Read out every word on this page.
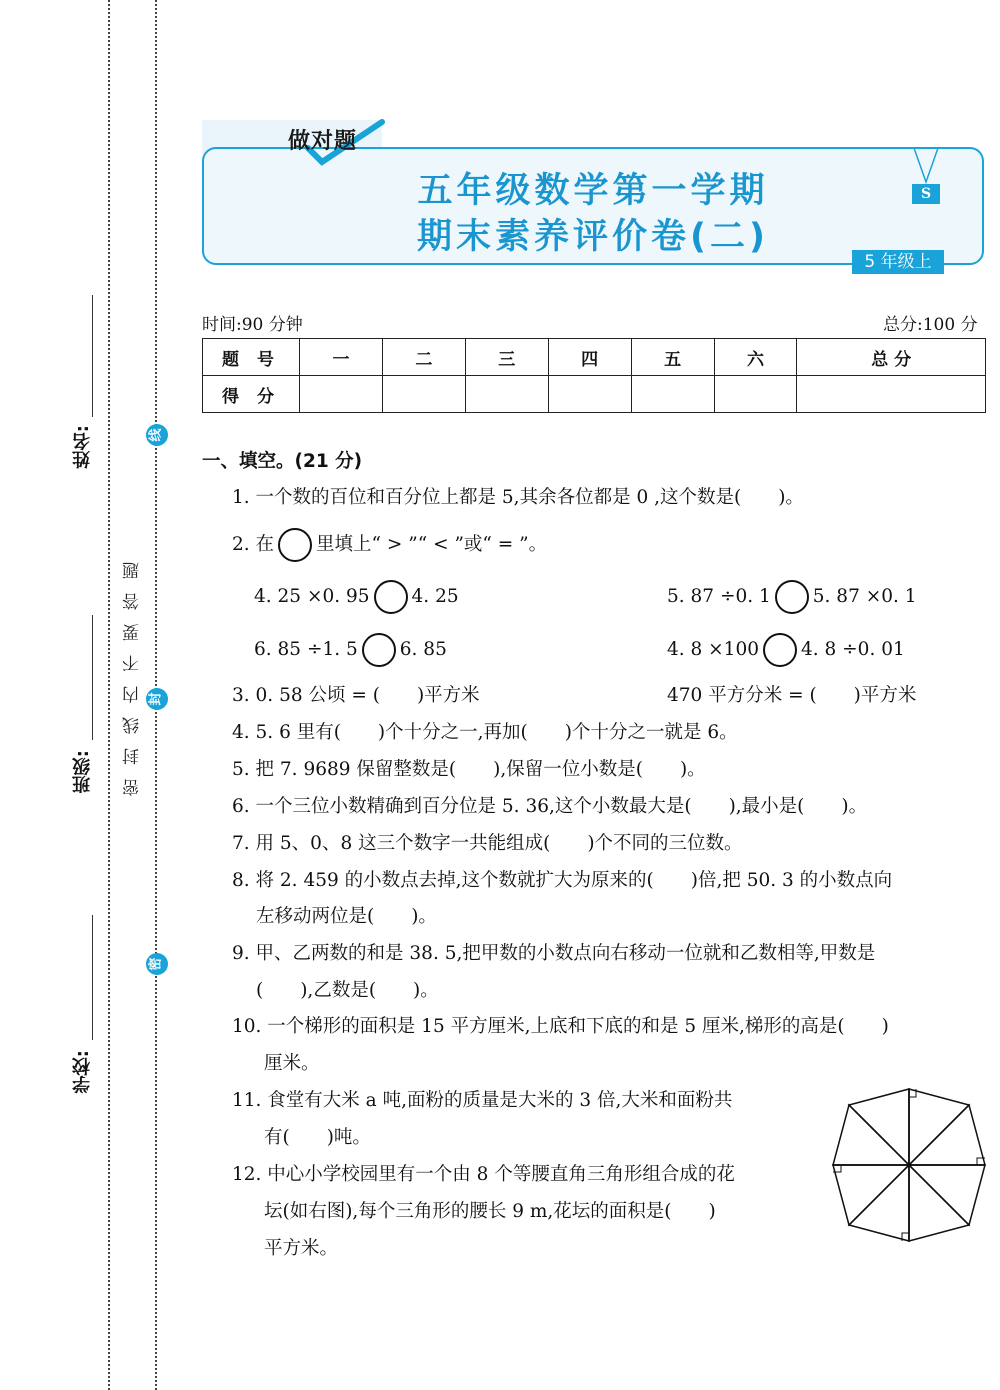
姓名:
班级:
学校:
线
封
密
密封线内不要答题
做对题
五年级数学第一学期
期末素养评价卷(二)
S
5 年级上
时间:90 分钟	总分:100 分
题 号	一	二	三	四	五	六	总 分
得 分							
一、填空。(21 分)
1. 一个数的百位和百分位上都是 5,其余各位都是 0 ,这个数是(　　)。
2. 在 里填上“ > ”“ < ”或“ = ”。
4. 25 ×0. 95 4. 25	5. 87 ÷0. 1 5. 87 ×0. 1
6. 85 ÷1. 5 6. 85	4. 8 ×100 4. 8 ÷0. 01
3. 0. 58 公顷 = (　　)平方米	470 平方分米 = (　　)平方米
4. 5. 6 里有(　　)个十分之一,再加(　　)个十分之一就是 6。
5. 把 7. 9689 保留整数是(　　),保留一位小数是(　　)。
6. 一个三位小数精确到百分位是 5. 36,这个小数最大是(　　),最小是(　　)。
7. 用 5、0、8 这三个数字一共能组成(　　)个不同的三位数。
8. 将 2. 459 的小数点去掉,这个数就扩大为原来的(　　)倍,把 50. 3 的小数点向
左移动两位是(　　)。
9. 甲、乙两数的和是 38. 5,把甲数的小数点向右移动一位就和乙数相等,甲数是
(　　),乙数是(　　)。
10. 一个梯形的面积是 15 平方厘米,上底和下底的和是 5 厘米,梯形的高是(　　)
厘米。
11. 食堂有大米 a 吨,面粉的质量是大米的 3 倍,大米和面粉共
有(　　)吨。
12. 中心小学校园里有一个由 8 个等腰直角三角形组合成的花
坛(如右图),每个三角形的腰长 9 m,花坛的面积是(　　)
平方米。
